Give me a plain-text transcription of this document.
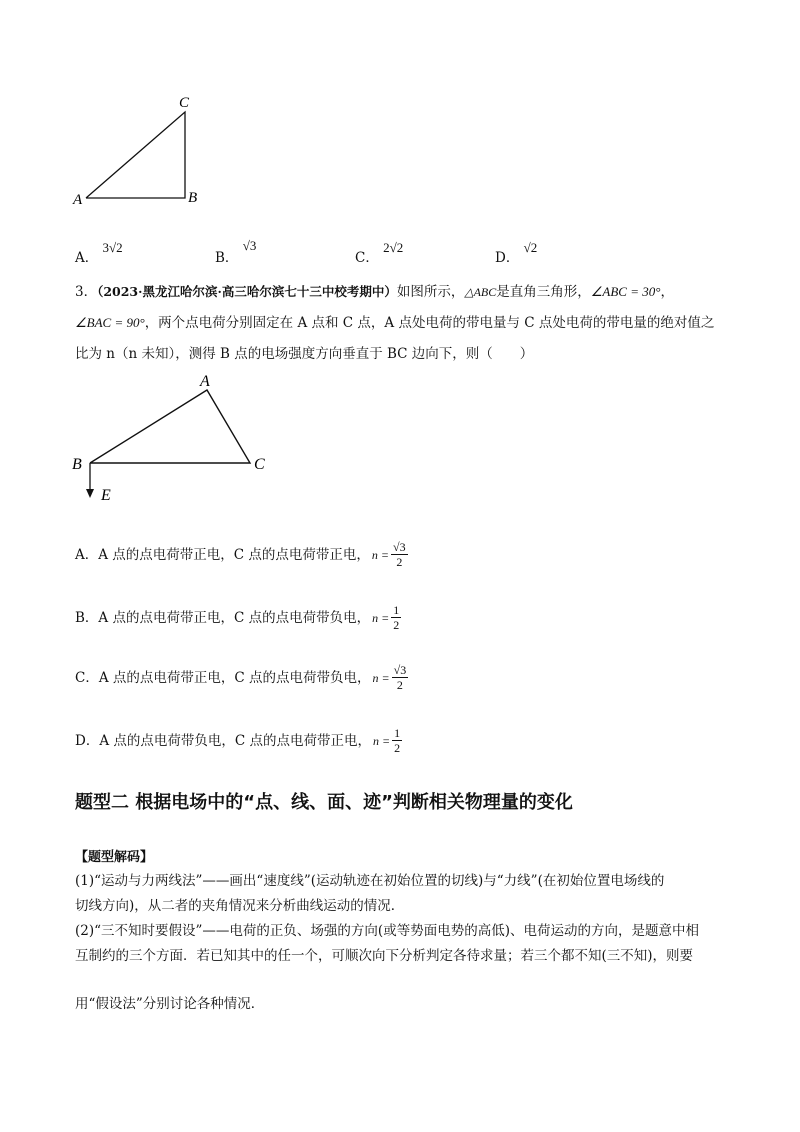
C
A	B
A． 3√2
B． √3
C． 2√2
D． √2
3．（2023·黑龙江哈尔滨·高三哈尔滨七十三中校考期中）如图所示，△ABC是直角三角形，∠ABC = 30°，
∠BAC = 90°，两个点电荷分别固定在 A 点和 C 点，A 点处电荷的带电量与 C 点处电荷的带电量的绝对值之
比为 n（n 未知），测得 B 点的电场强度方向垂直于 BC 边向下，则（　　）
A
B	C
E
A． A 点的点电荷带正电，C 点的点电荷带正电， $n = \frac{√3}{2}$
B． A 点的点电荷带正电，C 点的点电荷带负电， $n = \frac{1}{2}$
C． A 点的点电荷带正电，C 点的点电荷带负电， $n = \frac{√3}{2}$
D． A 点的点电荷带负电，C 点的点电荷带正电， $n = \frac{1}{2}$
题型二 根据电场中的“点、线、面、迹”判断相关物理量的变化
【题型解码】
(1)“运动与力两线法”——画出“速度线”(运动轨迹在初始位置的切线)与“力线”(在初始位置电场线的
切线方向)，从二者的夹角情况来分析曲线运动的情况．
(2)“三不知时要假设”——电荷的正负、场强的方向(或等势面电势的高低)、电荷运动的方向，是题意中相
互制约的三个方面．若已知其中的任一个，可顺次向下分析判定各待求量；若三个都不知(三不知)，则要
用“假设法”分别讨论各种情况．
